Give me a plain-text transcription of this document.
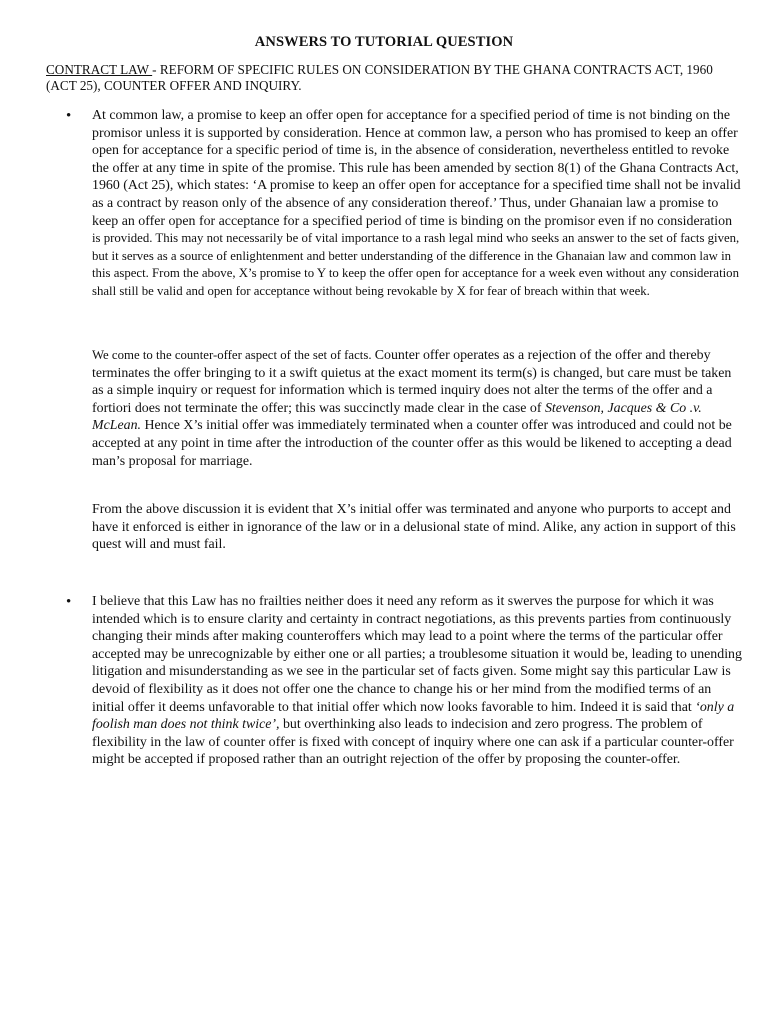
ANSWERS TO TUTORIAL QUESTION
CONTRACT LAW - REFORM OF SPECIFIC RULES ON CONSIDERATION BY THE GHANA CONTRACTS ACT, 1960 (ACT 25), COUNTER OFFER AND INQUIRY.
• At common law, a promise to keep an offer open for acceptance for a specified period of time is not binding on the promisor unless it is supported by consideration. Hence at common law, a person who has promised to keep an offer open for acceptance for a specific period of time is, in the absence of consideration, nevertheless entitled to revoke the offer at any time in spite of the promise. This rule has been amended by section 8(1) of the Ghana Contracts Act, 1960 (Act 25), which states: ‘A promise to keep an offer open for acceptance for a specified time shall not be invalid as a contract by reason only of the absence of any consideration thereof.’ Thus, under Ghanaian law a promise to keep an offer open for acceptance for a specified period of time is binding on the promisor even if no consideration is provided. This may not necessarily be of vital importance to a rash legal mind who seeks an answer to the set of facts given, but it serves as a source of enlightenment and better understanding of the difference in the Ghanaian law and common law in this aspect. From the above, X’s promise to Y to keep the offer open for acceptance for a week even without any consideration shall still be valid and open for acceptance without being revokable by X for fear of breach within that week.

We come to the counter-offer aspect of the set of facts. Counter offer operates as a rejection of the offer and thereby terminates the offer bringing to it a swift quietus at the exact moment its term(s) is changed, but care must be taken as a simple inquiry or request for information which is termed inquiry does not alter the terms of the offer and a fortiori does not terminate the offer; this was succinctly made clear in the case of Stevenson, Jacques & Co .v. McLean. Hence X’s initial offer was immediately terminated when a counter offer was introduced and could not be accepted at any point in time after the introduction of the counter offer as this would be likened to accepting a dead man’s proposal for marriage.

From the above discussion it is evident that X’s initial offer was terminated and anyone who purports to accept and have it enforced is either in ignorance of the law or in a delusional state of mind. Alike, any action in support of this quest will and must fail.

• I believe that this Law has no frailties neither does it need any reform as it swerves the purpose for which it was intended which is to ensure clarity and certainty in contract negotiations, as this prevents parties from continuously changing their minds after making counteroffers which may lead to a point where the terms of the particular offer accepted may be unrecognizable by either one or all parties; a troublesome situation it would be, leading to unending litigation and misunderstanding as we see in the particular set of facts given. Some might say this particular Law is devoid of flexibility as it does not offer one the chance to change his or her mind from the modified terms of an initial offer it deems unfavorable to that initial offer which now looks favorable to him. Indeed it is said that ‘only a foolish man does not think twice’, but overthinking also leads to indecision and zero progress. The problem of flexibility in the law of counter offer is fixed with concept of inquiry where one can ask if a particular counter-offer might be accepted if proposed rather than an outright rejection of the offer by proposing the counter-offer.
